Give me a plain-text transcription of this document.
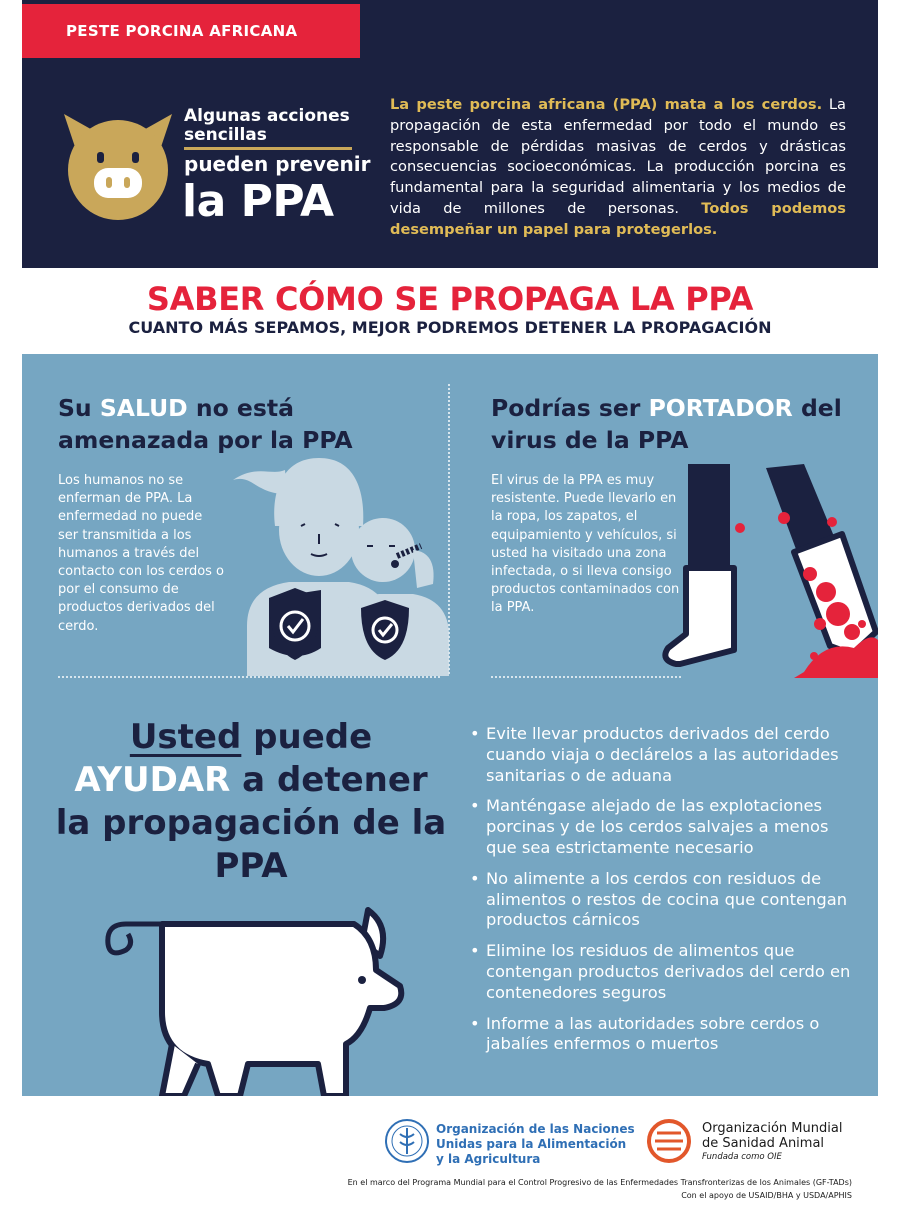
PESTE PORCINA AFRICANA
Algunas acciones sencillas
pueden prevenir
la PPA

La peste porcina africana (PPA) mata a los cerdos. La propagación de esta enfermedad por todo el mundo es responsable de pérdidas masivas de cerdos y drásticas consecuencias socioeconómicas. La producción porcina es fundamental para la seguridad alimentaria y los medios de vida de millones de personas. Todos podemos desempeñar un papel para protegerlos.

SABER CÓMO SE PROPAGA LA PPA
CUANTO MÁS SEPAMOS, MEJOR PODREMOS DETENER LA PROPAGACIÓN
Su SALUD no está amenazada por la PPA

Los humanos no se enferman de PPA. La enfermedad no puede ser transmitida a los humanos a través del contacto con los cerdos o por el consumo de productos derivados del cerdo.

Podrías ser PORTADOR del virus de la PPA

El virus de la PPA es muy resistente. Puede llevarlo en la ropa, los zapatos, el equipamiento y vehículos, si usted ha visitado una zona infectada, o si lleva consigo productos contaminados con la PPA.

Usted puede
AYUDAR a detener la propagación de la PPA
• Evite llevar productos derivados del cerdo cuando viaja o declárelos a las autoridades sanitarias o de aduana
• Manténgase alejado de las explotaciones porcinas y de los cerdos salvajes a menos que sea estrictamente necesario
• No alimente a los cerdos con residuos de alimentos o restos de cocina que contengan productos cárnicos
• Elimine los residuos de alimentos que contengan productos derivados del cerdo en contenedores seguros
• Informe a las autoridades sobre cerdos o jabalíes enfermos o muertos
Organización de las Naciones
Unidas para la Alimentación
y la Agricultura
Organización Mundial
de Sanidad Animal
Fundada como OIE
En el marco del Programa Mundial para el Control Progresivo de las Enfermedades Transfronterizas de los Animales (GF-TADs)
Con el apoyo de USAID/BHA y USDA/APHIS
